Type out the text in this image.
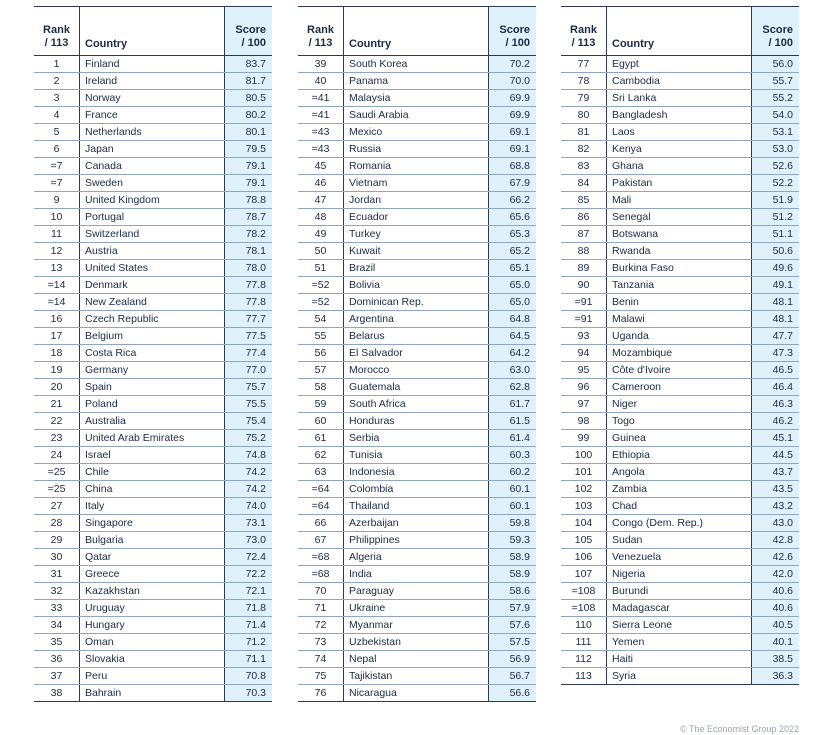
Rank
/ 113	Country
Score
/ 100
1	Finland	83.7
2	Ireland	81.7
3	Norway	80.5
4	France	80.2
5	Netherlands	80.1
6	Japan	79.5
=7	Canada	79.1
=7	Sweden	79.1
9	United Kingdom	78.8
10	Portugal	78.7
11	Switzerland	78.2
12	Austria	78.1
13	United States	78.0
=14	Denmark	77.8
=14	New Zealand	77.8
16	Czech Republic	77.7
17	Belgium	77.5
18	Costa Rica	77.4
19	Germany	77.0
20	Spain	75.7
21	Poland	75.5
22	Australia	75.4
23	United Arab Emirates	75.2
24	Israel	74.8
=25	Chile	74.2
=25	China	74.2
27	Italy	74.0
28	Singapore	73.1
29	Bulgaria	73.0
30	Qatar	72.4
31	Greece	72.2
32	Kazakhstan	72.1
33	Uruguay	71.8
34	Hungary	71.4
35	Oman	71.2
36	Slovakia	71.1
37	Peru	70.8
38	Bahrain	70.3
Rank
/ 113	Country
Score
/ 100
39	South Korea	70.2
40	Panama	70.0
=41	Malaysia	69.9
=41	Saudi Arabia	69.9
=43	Mexico	69.1
=43	Russia	69.1
45	Romania	68.8
46	Vietnam	67.9
47	Jordan	66.2
48	Ecuador	65.6
49	Turkey	65.3
50	Kuwait	65.2
51	Brazil	65.1
=52	Bolivia	65.0
=52	Dominican Rep.	65.0
54	Argentina	64.8
55	Belarus	64.5
56	El Salvador	64.2
57	Morocco	63.0
58	Guatemala	62.8
59	South Africa	61.7
60	Honduras	61.5
61	Serbia	61.4
62	Tunisia	60.3
63	Indonesia	60.2
=64	Colombia	60.1
=64	Thailand	60.1
66	Azerbaijan	59.8
67	Philippines	59.3
=68	Algeria	58.9
=68	India	58.9
70	Paraguay	58.6
71	Ukraine	57.9
72	Myanmar	57.6
73	Uzbekistan	57.5
74	Nepal	56.9
75	Tajikistan	56.7
76	Nicaragua	56.6
Rank
/ 113	Country
Score
/ 100
77	Egypt	56.0
78	Cambodia	55.7
79	Sri Lanka	55.2
80	Bangladesh	54.0
81	Laos	53.1
82	Kenya	53.0
83	Ghana	52.6
84	Pakistan	52.2
85	Mali	51.9
86	Senegal	51.2
87	Botswana	51.1
88	Rwanda	50.6
89	Burkina Faso	49.6
90	Tanzania	49.1
=91	Benin	48.1
=91	Malawi	48.1
93	Uganda	47.7
94	Mozambique	47.3
95	Côte d'Ivoire	46.5
96	Cameroon	46.4
97	Niger	46.3
98	Togo	46.2
99	Guinea	45.1
100	Ethiopia	44.5
101	Angola	43.7
102	Zambia	43.5
103	Chad	43.2
104	Congo (Dem. Rep.)	43.0
105	Sudan	42.8
106	Venezuela	42.6
107	Nigeria	42.0
=108	Burundi	40.6
=108	Madagascar	40.6
110	Sierra Leone	40.5
111	Yemen	40.1
112	Haiti	38.5
113	Syria	36.3
© The Economist Group 2022
